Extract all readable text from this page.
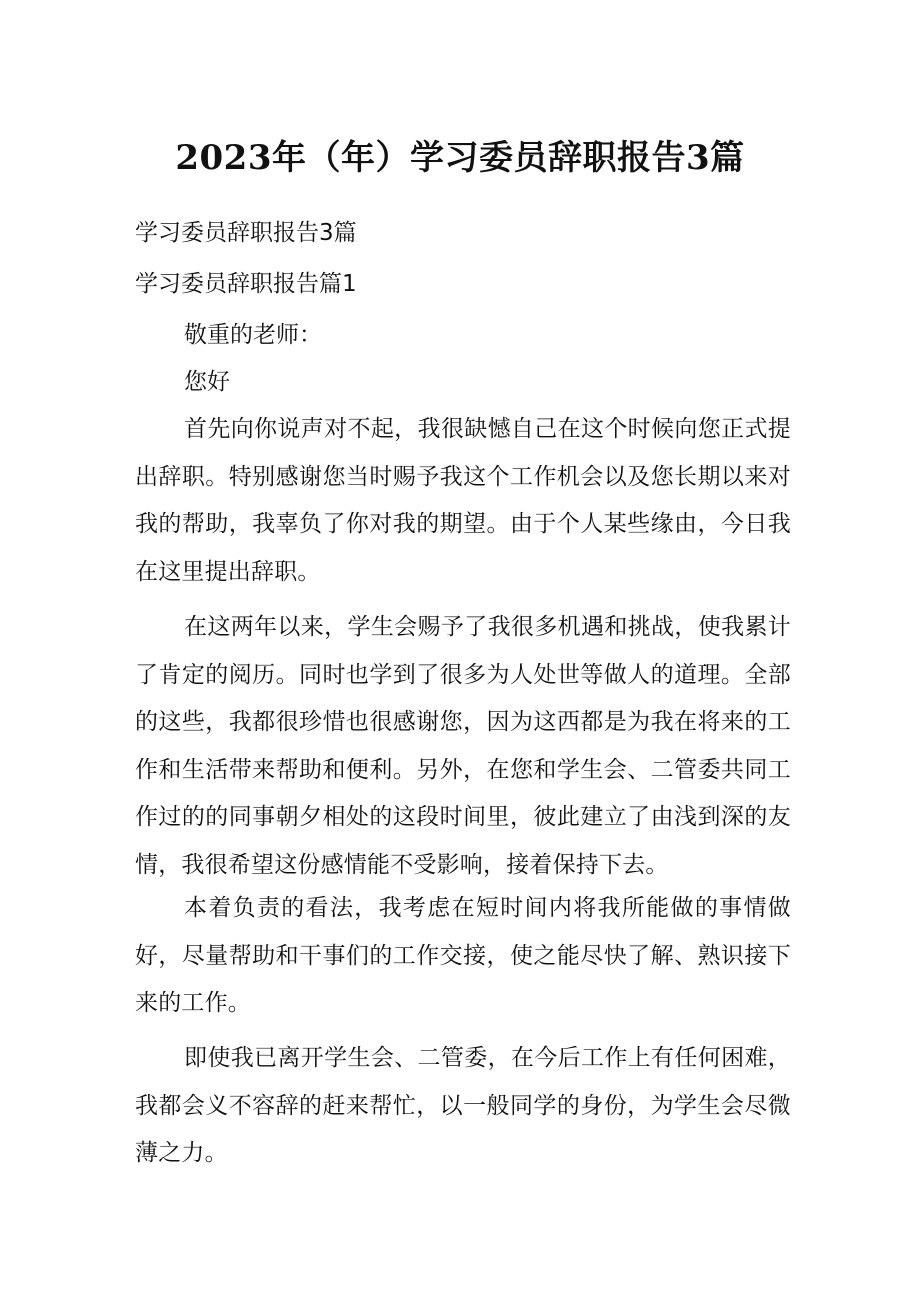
2023年（年）学习委员辞职报告3篇
学习委员辞职报告3篇
学习委员辞职报告篇1
敬重的老师：
您好
首先向你说声对不起，我很缺憾自己在这个时候向您正式提出辞职。特别感谢您当时赐予我这个工作机会以及您长期以来对我的帮助，我辜负了你对我的期望。由于个人某些缘由，今日我在这里提出辞职。
在这两年以来，学生会赐予了我很多机遇和挑战，使我累计了肯定的阅历。同时也学到了很多为人处世等做人的道理。全部的这些，我都很珍惜也很感谢您，因为这西都是为我在将来的工作和生活带来帮助和便利。另外，在您和学生会、二管委共同工作过的的同事朝夕相处的这段时间里，彼此建立了由浅到深的友情，我很希望这份感情能不受影响，接着保持下去。
本着负责的看法，我考虑在短时间内将我所能做的事情做好，尽量帮助和干事们的工作交接，使之能尽快了解、熟识接下来的工作。
即使我已离开学生会、二管委，在今后工作上有任何困难，我都会义不容辞的赶来帮忙，以一般同学的身份，为学生会尽微薄之力。
